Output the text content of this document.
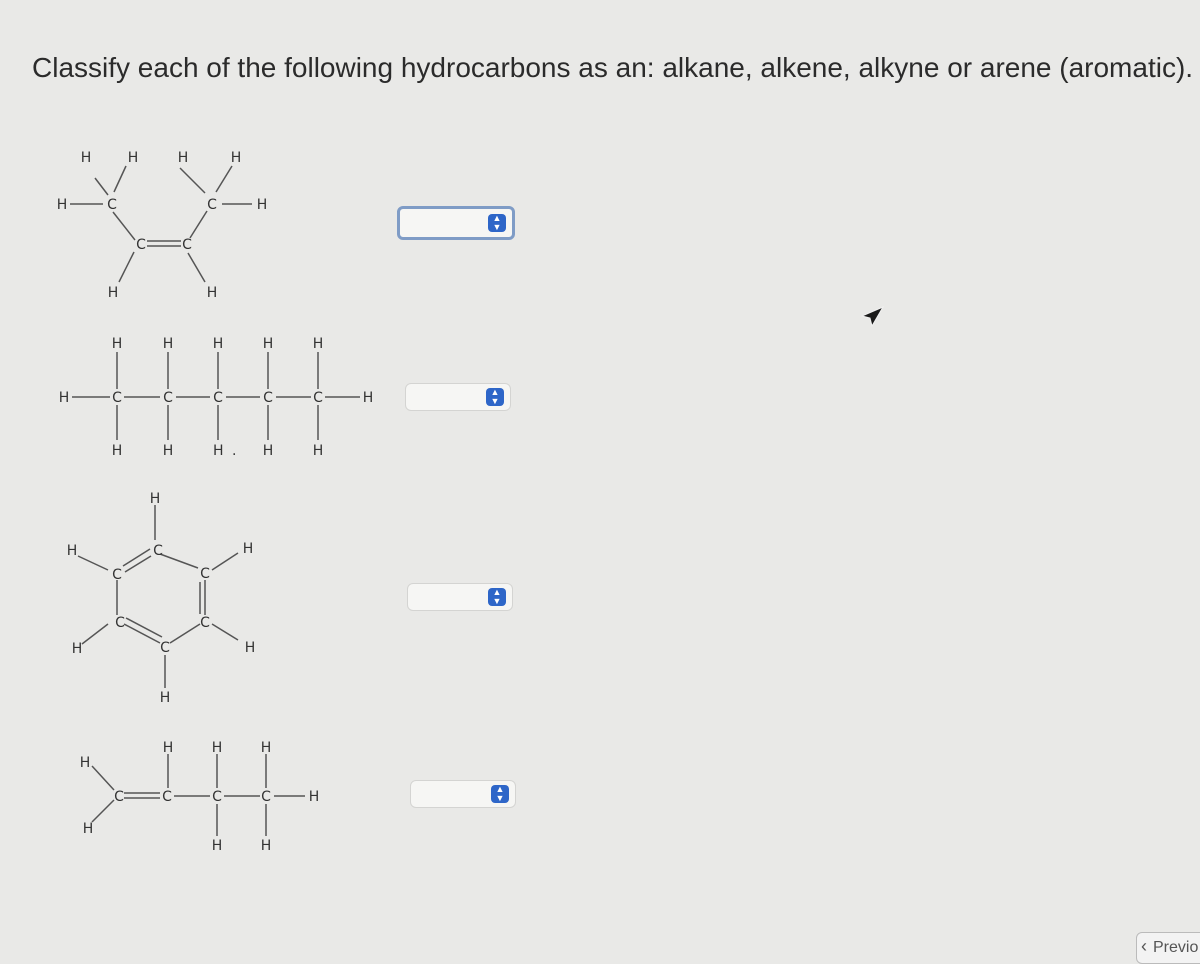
Classify each of the following hydrocarbons as an: alkane, alkene, alkyne or arene (aromatic).
H	H	H	H
H	C	C	H
C	C
H	H
H	H	H	H	H
H	C	C	C	C	C	H
H	H	H . H	H
H
C
H
C	C
H
C	C
H	C	H
H
H	H	H
H
C	C	C	C	H
H
H	H
▲
▼
▲
▼
▲
▼
▲
▼
‹ Previo
